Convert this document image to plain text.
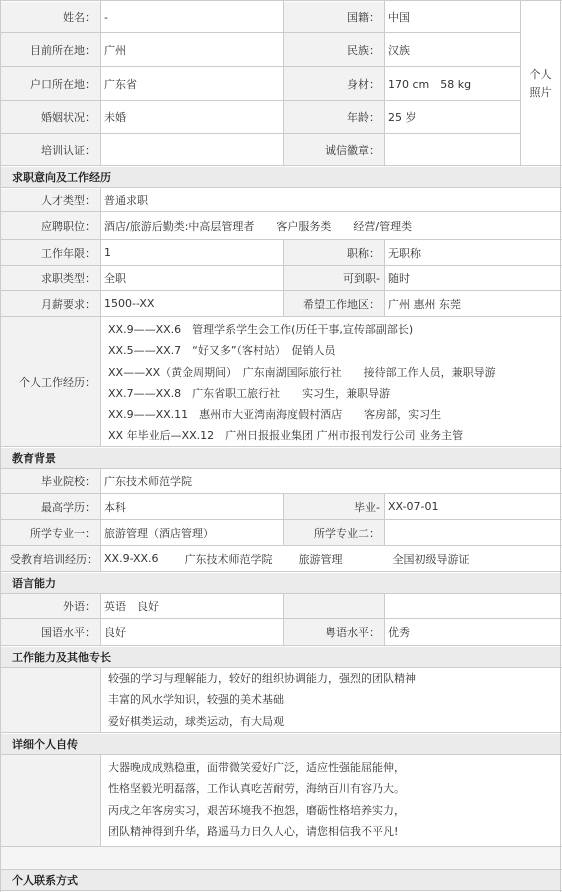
姓名： -	国籍： 中国
目前所在地： 广州	民族： 汉族
户口所在地： 广东省	身材： 170 cm　58 kg
婚姻状况： 未婚	年龄： 25 岁
培训认证：	诚信徽章：
个人
照片
求职意向及工作经历
人才类型： 普通求职
应聘职位： 酒店/旅游后勤类:中高层管理者 客户服务类 经营/管理类
工作年限： 1	职称： 无职称
求职类型： 全职	可到职- 随时
月薪要求： 1500--XX	希望工作地区： 广州 惠州 东莞
个人工作经历：
XX.9——XX.6　管理学系学生会工作(历任干事,宣传部副部长)
XX.5——XX.7　“好又多”（客村站）　促销人员
XX——XX（黄金周期间）　广东南湖国际旅行社　　接待部工作人员，兼职导游
XX.7——XX.8　广东省职工旅行社　　实习生，兼职导游
XX.9——XX.11　惠州市大亚湾南海度假村酒店　　客房部，实习生
XX 年毕业后—XX.12　广州日报报业集团 广州市报刊发行公司 业务主管
教育背景
毕业院校： 广东技术师范学院
最高学历： 本科	毕业- XX-07-01
所学专业一： 旅游管理（酒店管理）	所学专业二：
受教育培训经历： XX.9-XX.6 广东技术师范学院 旅游管理	全国初级导游证
语言能力
外语： 英语　良好
国语水平： 良好	粤语水平： 优秀
工作能力及其他专长
较强的学习与理解能力，较好的组织协调能力，强烈的团队精神
丰富的风水学知识，较强的美术基础
爱好棋类运动，球类运动，有大局观
详细个人自传
大器晚成成熟稳重，面带微笑爱好广泛，适应性强能屈能伸，
性格坚毅光明磊落，工作认真吃苦耐劳，海纳百川有容乃大。
丙戌之年客房实习，艰苦环境我不抱怨，磨砺性格培养实力，
团队精神得到升华，路遥马力日久人心，请您相信我不平凡!
个人联系方式
